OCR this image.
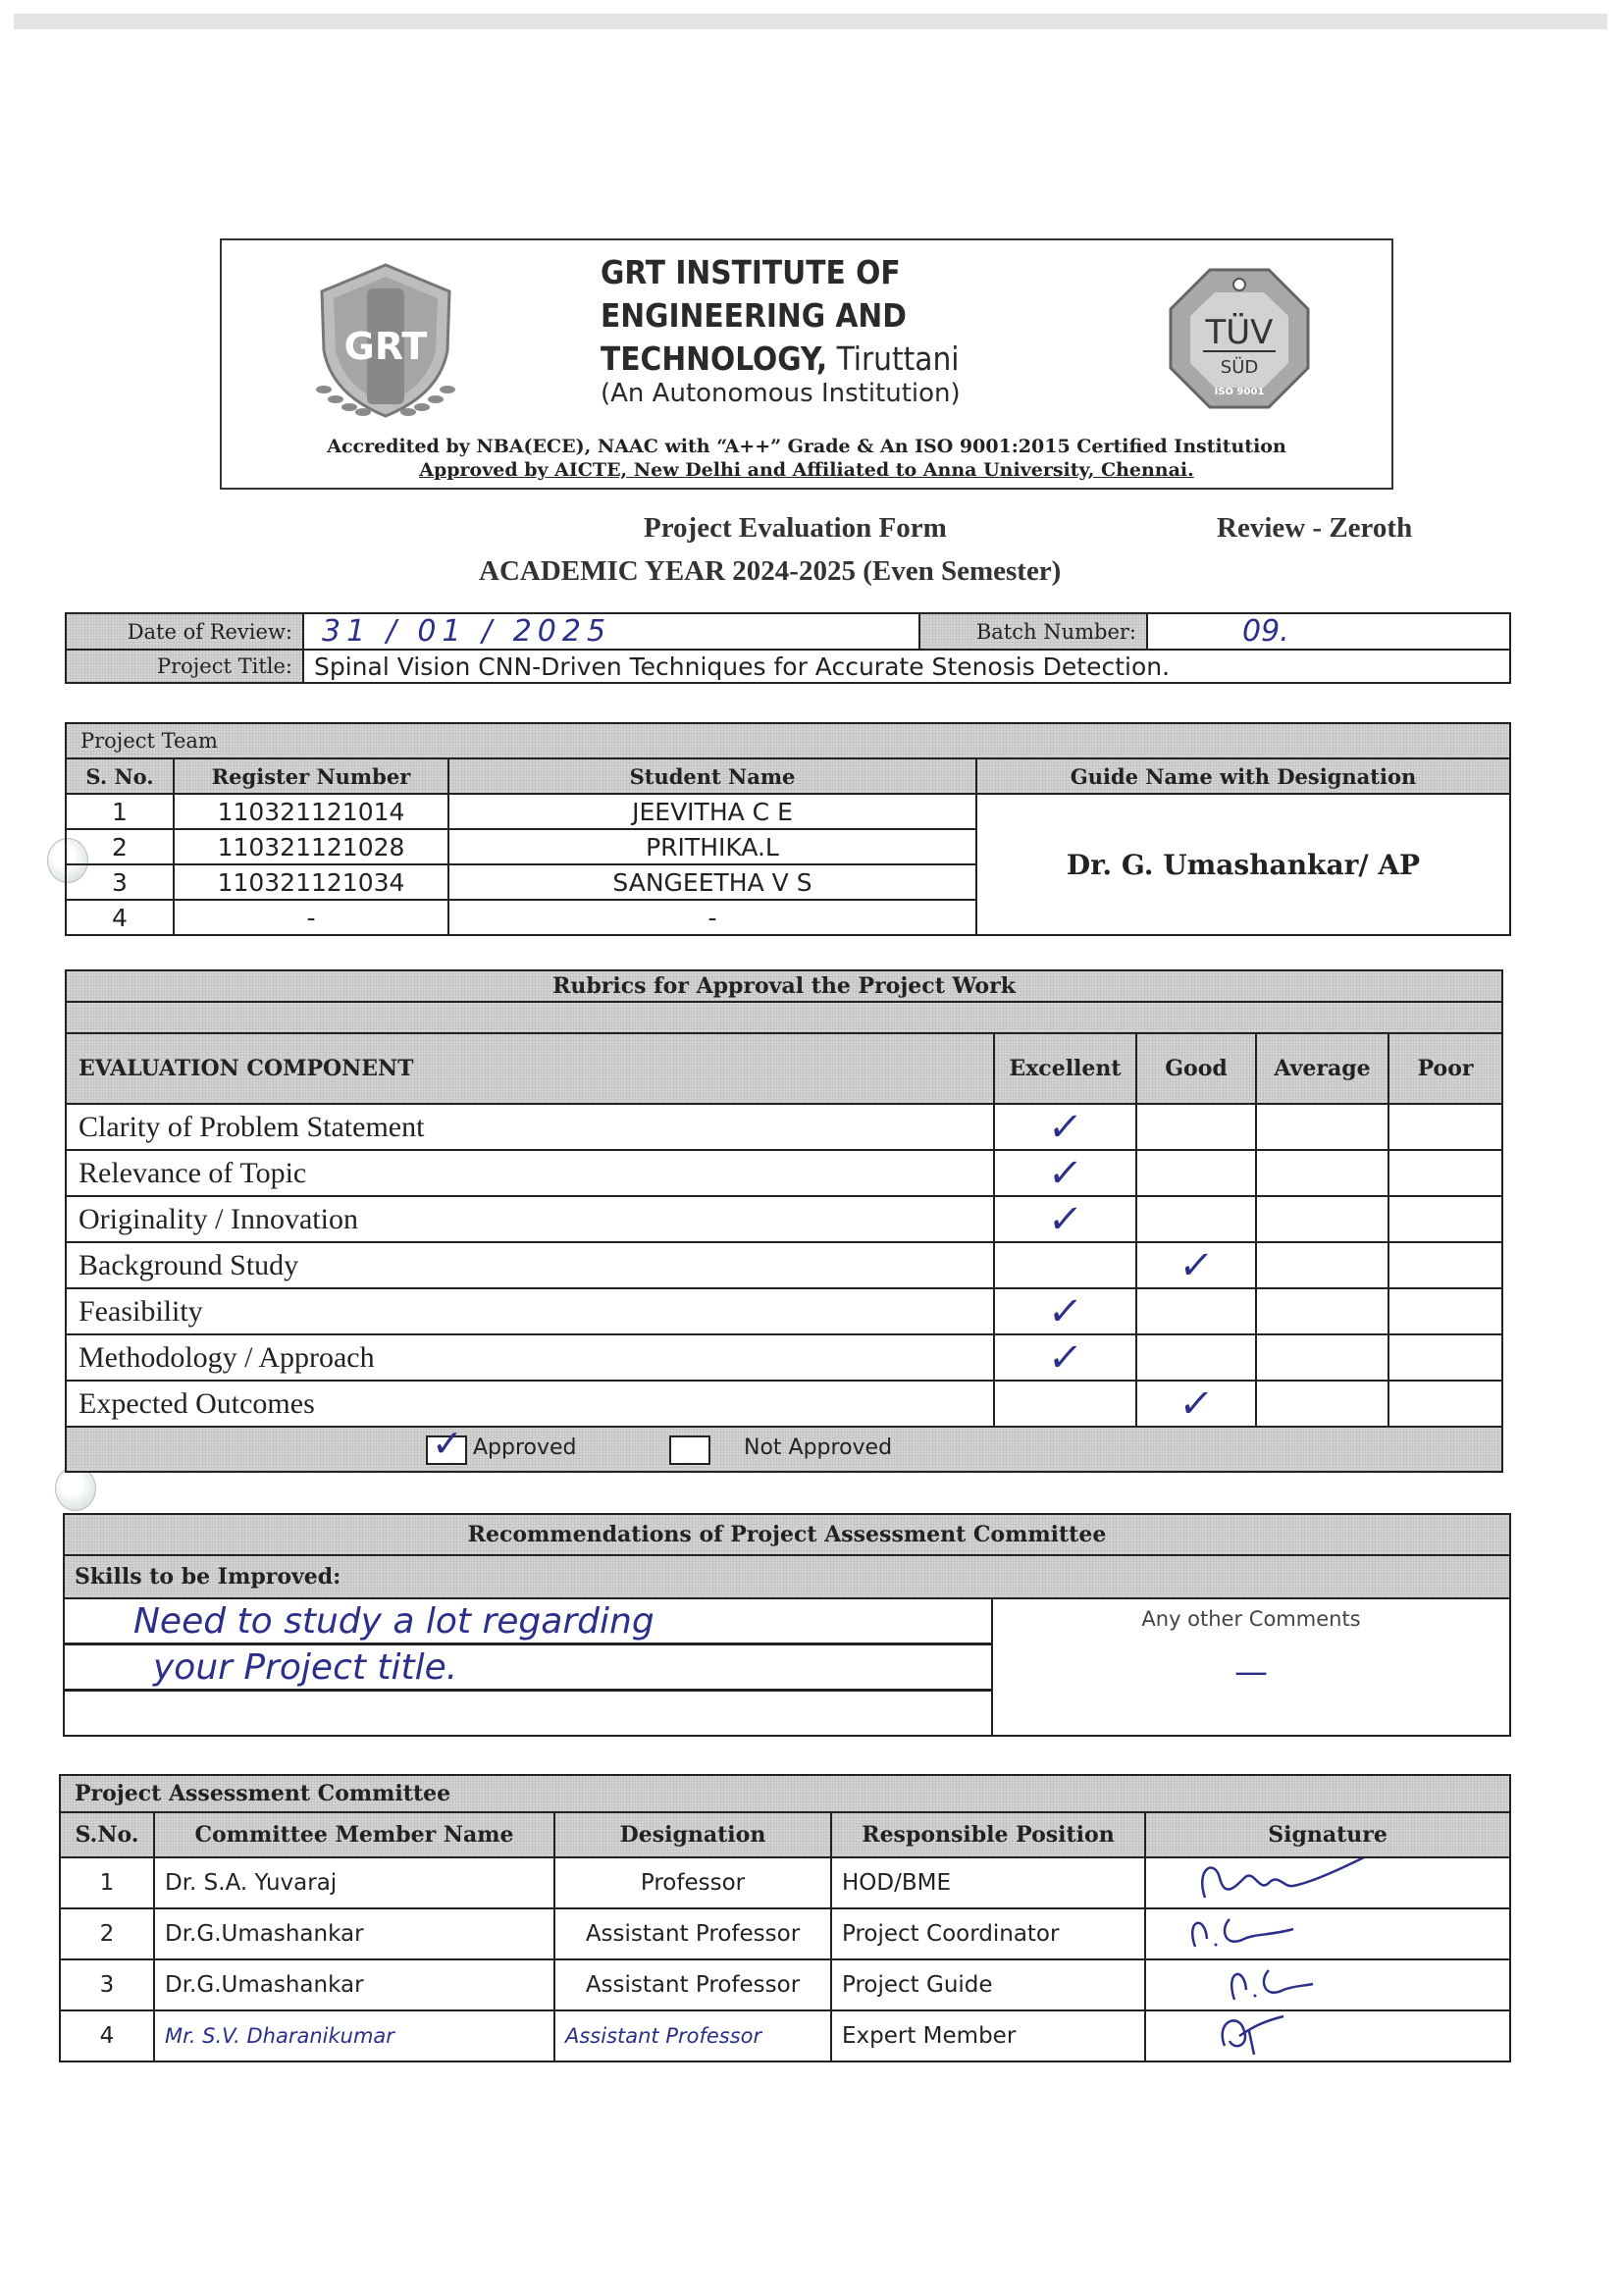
GRT
GRT INSTITUTE OF
ENGINEERING AND
TECHNOLOGY, Tiruttani
(An Autonomous Institution)
TÜV
SÜD
ISO 9001
Accredited by NBA(ECE), NAAC with “A++” Grade & An ISO 9001:2015 Certified Institution
Approved by AICTE, New Delhi and Affiliated to Anna University, Chennai.
Project Evaluation Form	Review - Zeroth
ACADEMIC YEAR 2024-2025 (Even Semester)
Date of Review:	31 / 01 / 2025	Batch Number:	09.
Project Title:	Spinal Vision CNN-Driven Techniques for Accurate Stenosis Detection.		
Project Team			
S. No.	Register Number	Student Name	Guide Name with Designation
1	110321121014	JEEVITHA C E	Dr. G. Umashankar/ AP
2	110321121028	PRITHIKA.L	
3	110321121034	SANGEETHA V S	
4	-	-	
Rubrics for Approval the Project Work				

EVALUATION COMPONENT	Excellent	Good	Average	Poor
Clarity of Problem Statement	✓			

Relevance of Topic	✓			

Originality / Innovation	✓			

Background Study		✓		

Feasibility	✓			

Methodology / Approach	✓			

Expected Outcomes		✓		

✓ Approved Not Approved				
Recommendations of Project Assessment Committee
Skills to be Improved:
Need to study a lot regarding	Any other Comments
—

your Project title.

Project Assessment Committee				
S.No.	Committee Member Name	Designation	Responsible Position	Signature
1	Dr. S.A. Yuvaraj	Professor	HOD/BME	
2	Dr.G.Umashankar	Assistant Professor	Project Coordinator	
3	Dr.G.Umashankar	Assistant Professor	Project Guide	
4	Mr. S.V. Dharanikumar	Assistant Professor	Expert Member	
